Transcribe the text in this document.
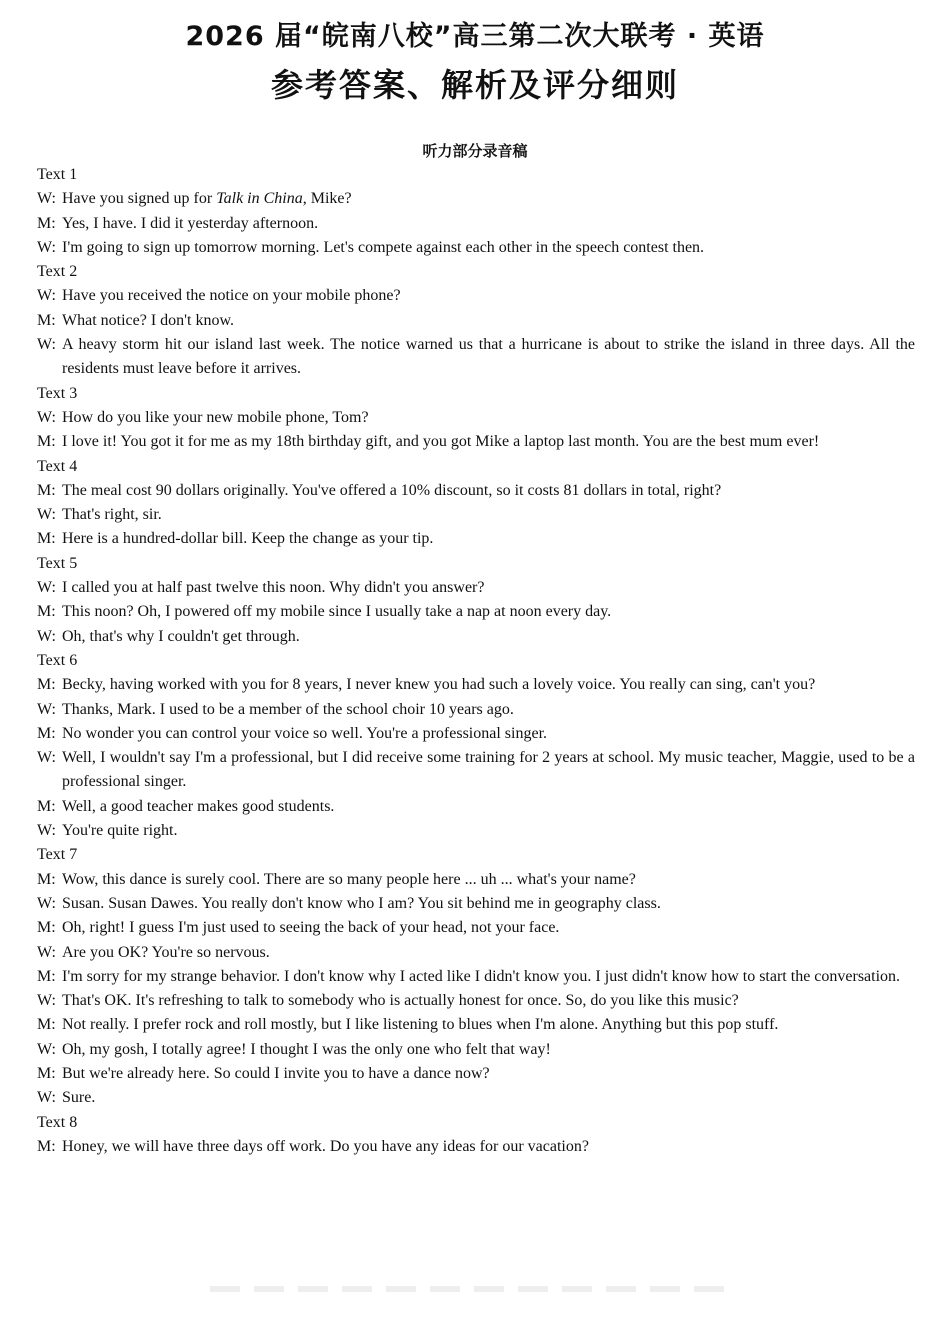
2026 届“皖南八校”高三第二次大联考 · 英语
参考答案、解析及评分细则
听力部分录音稿
Text 1
W: Have you signed up for Talk in China, Mike?
M: Yes, I have. I did it yesterday afternoon.
W: I'm going to sign up tomorrow morning. Let's compete against each other in the speech contest then.
Text 2
W: Have you received the notice on your mobile phone?
M: What notice? I don't know.
W: A heavy storm hit our island last week. The notice warned us that a hurricane is about to strike the island in three days. All the residents must leave before it arrives.
Text 3
W: How do you like your new mobile phone, Tom?
M: I love it! You got it for me as my 18th birthday gift, and you got Mike a laptop last month. You are the best mum ever!
Text 4
M: The meal cost 90 dollars originally. You've offered a 10% discount, so it costs 81 dollars in total, right?
W: That's right, sir.
M: Here is a hundred-dollar bill. Keep the change as your tip.
Text 5
W: I called you at half past twelve this noon. Why didn't you answer?
M: This noon? Oh, I powered off my mobile since I usually take a nap at noon every day.
W: Oh, that's why I couldn't get through.
Text 6
M: Becky, having worked with you for 8 years, I never knew you had such a lovely voice. You really can sing, can't you?
W: Thanks, Mark. I used to be a member of the school choir 10 years ago.
M: No wonder you can control your voice so well. You're a professional singer.
W: Well, I wouldn't say I'm a professional, but I did receive some training for 2 years at school. My music teacher, Maggie, used to be a professional singer.
M: Well, a good teacher makes good students.
W: You're quite right.
Text 7
M: Wow, this dance is surely cool. There are so many people here ... uh ... what's your name?
W: Susan. Susan Dawes. You really don't know who I am? You sit behind me in geography class.
M: Oh, right! I guess I'm just used to seeing the back of your head, not your face.
W: Are you OK? You're so nervous.
M: I'm sorry for my strange behavior. I don't know why I acted like I didn't know you. I just didn't know how to start the conversation.
W: That's OK. It's refreshing to talk to somebody who is actually honest for once. So, do you like this music?
M: Not really. I prefer rock and roll mostly, but I like listening to blues when I'm alone. Anything but this pop stuff.
W: Oh, my gosh, I totally agree! I thought I was the only one who felt that way!
M: But we're already here. So could I invite you to have a dance now?
W: Sure.
Text 8
M: Honey, we will have three days off work. Do you have any ideas for our vacation?
